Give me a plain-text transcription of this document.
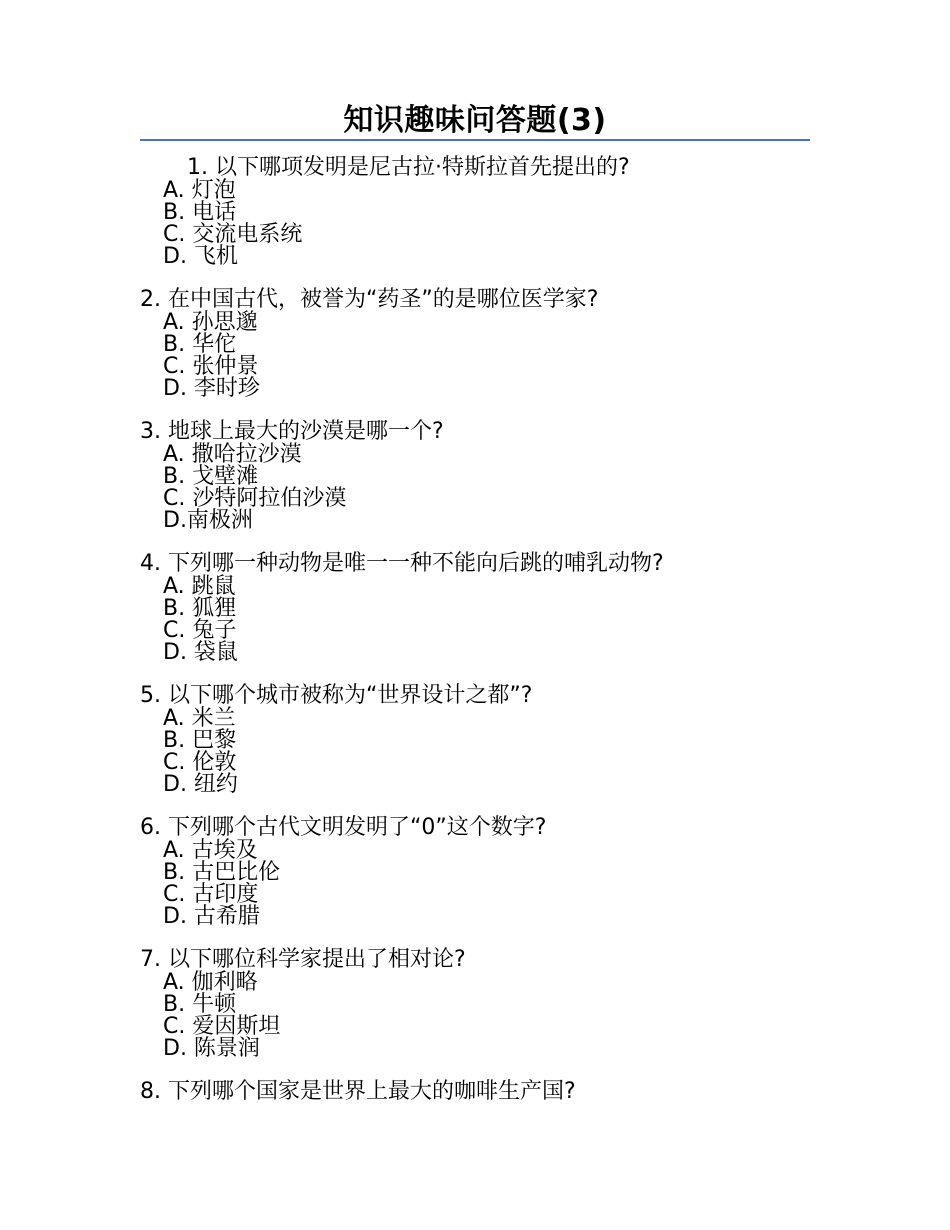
知识趣味问答题(3)
1. 以下哪项发明是尼古拉·特斯拉首先提出的?
A. 灯泡
B. 电话
C. 交流电系统
D. 飞机
2. 在中国古代，被誉为“药圣”的是哪位医学家?
A. 孙思邈
B. 华佗
C. 张仲景
D. 李时珍
3. 地球上最大的沙漠是哪一个?
A. 撒哈拉沙漠
B. 戈壁滩
C. 沙特阿拉伯沙漠
D.南极洲
4. 下列哪一种动物是唯一一种不能向后跳的哺乳动物?
A. 跳鼠
B. 狐狸
C. 兔子
D. 袋鼠
5. 以下哪个城市被称为“世界设计之都”?
A. 米兰
B. 巴黎
C. 伦敦
D. 纽约
6. 下列哪个古代文明发明了“0”这个数字?
A. 古埃及
B. 古巴比伦
C. 古印度
D. 古希腊
7. 以下哪位科学家提出了相对论?
A. 伽利略
B. 牛顿
C. 爱因斯坦
D. 陈景润
8. 下列哪个国家是世界上最大的咖啡生产国?
